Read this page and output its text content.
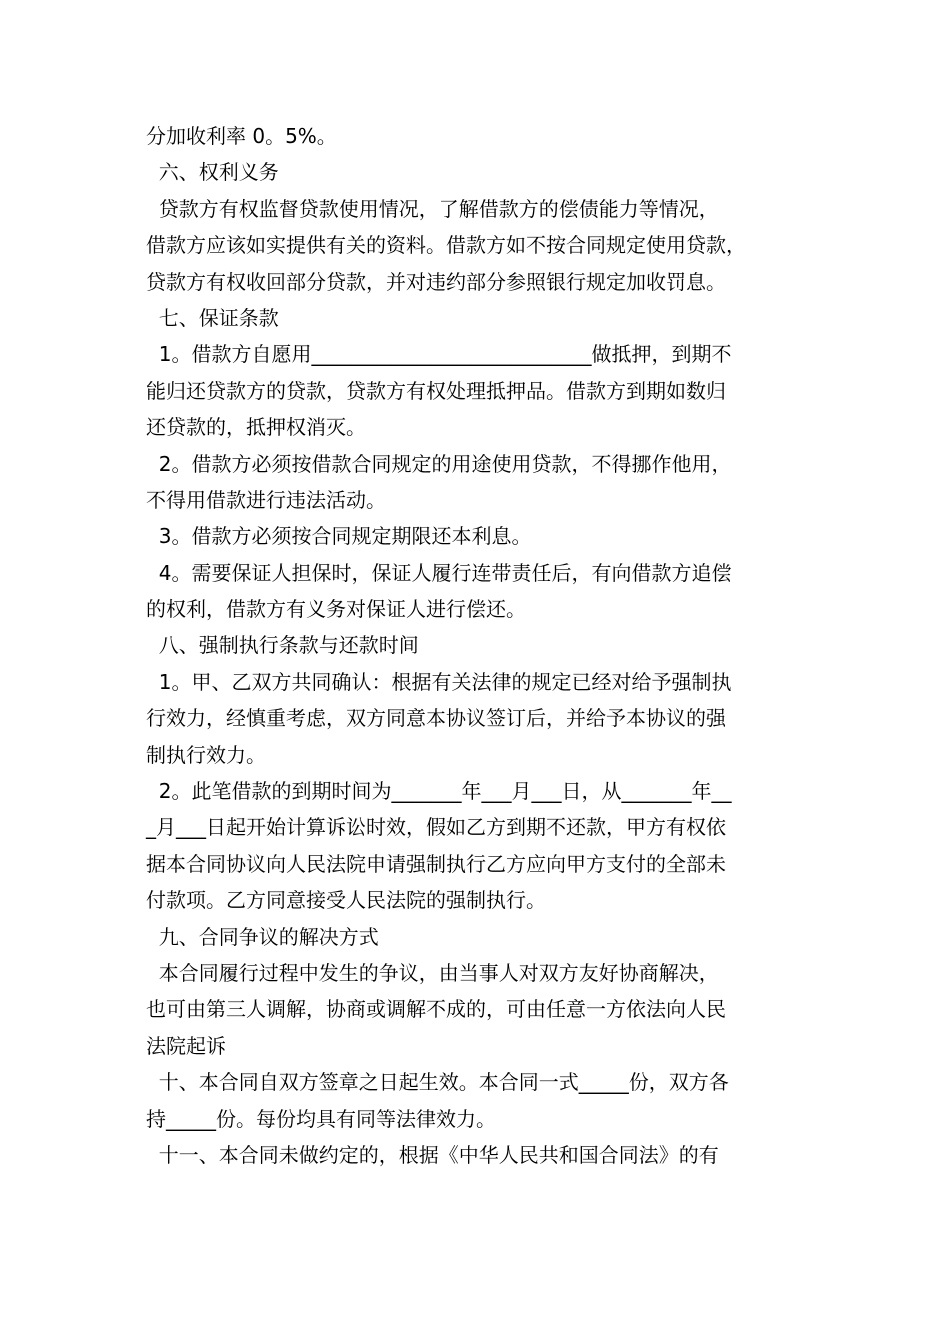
分加收利率 0。5%。
六、权利义务
贷款方有权监督贷款使用情况，了解借款方的偿债能力等情况，
借款方应该如实提供有关的资料。借款方如不按合同规定使用贷款，
贷款方有权收回部分贷款，并对违约部分参照银行规定加收罚息。
七、保证条款
1。借款方自愿用____________________________做抵押，到期不
能归还贷款方的贷款，贷款方有权处理抵押品。借款方到期如数归
还贷款的，抵押权消灭。
2。借款方必须按借款合同规定的用途使用贷款，不得挪作他用，
不得用借款进行违法活动。
3。借款方必须按合同规定期限还本利息。
4。需要保证人担保时，保证人履行连带责任后，有向借款方追偿
的权利，借款方有义务对保证人进行偿还。
八、强制执行条款与还款时间
1。甲、乙双方共同确认：根据有关法律的规定已经对给予强制执
行效力，经慎重考虑，双方同意本协议签订后，并给予本协议的强
制执行效力。
2。此笔借款的到期时间为_______年___月___日，从_______年__
_月___日起开始计算诉讼时效，假如乙方到期不还款，甲方有权依
据本合同协议向人民法院申请强制执行乙方应向甲方支付的全部未
付款项。乙方同意接受人民法院的强制执行。
九、合同争议的解决方式
本合同履行过程中发生的争议，由当事人对双方友好协商解决，
也可由第三人调解，协商或调解不成的，可由任意一方依法向人民
法院起诉
十、本合同自双方签章之日起生效。本合同一式_____份，双方各
持_____份。每份均具有同等法律效力。
十一、本合同未做约定的，根据《中华人民共和国合同法》的有
